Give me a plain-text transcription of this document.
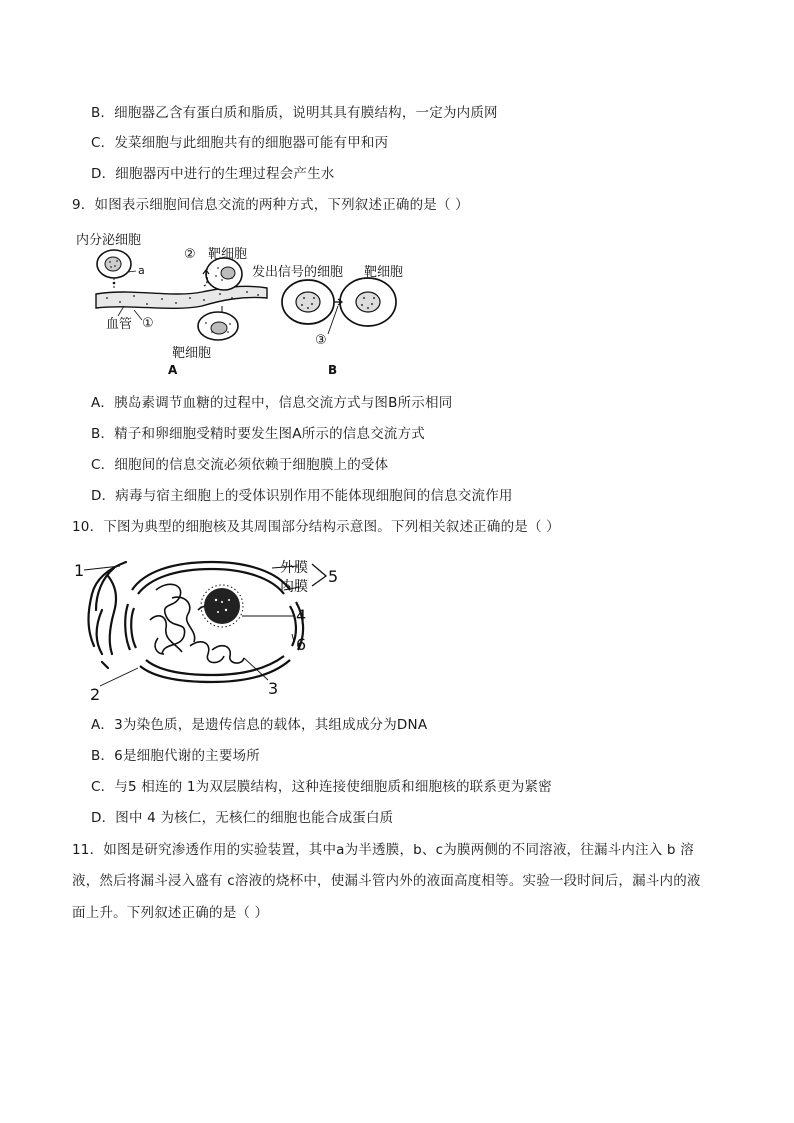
B．细胞器乙含有蛋白质和脂质，说明其具有膜结构，一定为内质网
C．发菜细胞与此细胞共有的细胞器可能有甲和丙
D．细胞器丙中进行的生理过程会产生水
9．如图表示细胞间信息交流的两种方式，下列叙述正确的是（ ）
内分泌细胞
a
② 靶细胞
血管 ①
靶细胞
A
发出信号的细胞 靶细胞
③
B
A．胰岛素调节血糖的过程中，信息交流方式与图B所示相同
B．精子和卵细胞受精时要发生图A所示的信息交流方式
C．细胞间的信息交流必须依赖于细胞膜上的受体
D．病毒与宿主细胞上的受体识别作用不能体现细胞间的信息交流作用
10．下图为典型的细胞核及其周围部分结构示意图。下列相关叙述正确的是（ ）
1	外膜
内膜
5
4
6
2	3
A．3为染色质，是遗传信息的载体，其组成成分为DNA
B．6是细胞代谢的主要场所
C．与5 相连的 1为双层膜结构，这种连接使细胞质和细胞核的联系更为紧密
D．图中 4 为核仁，无核仁的细胞也能合成蛋白质
11．如图是研究渗透作用的实验装置，其中a为半透膜，b、c为膜两侧的不同溶液，往漏斗内注入 b 溶
液，然后将漏斗浸入盛有 c溶液的烧杯中，使漏斗管内外的液面高度相等。实验一段时间后，漏斗内的液
面上升。下列叙述正确的是（ ）
